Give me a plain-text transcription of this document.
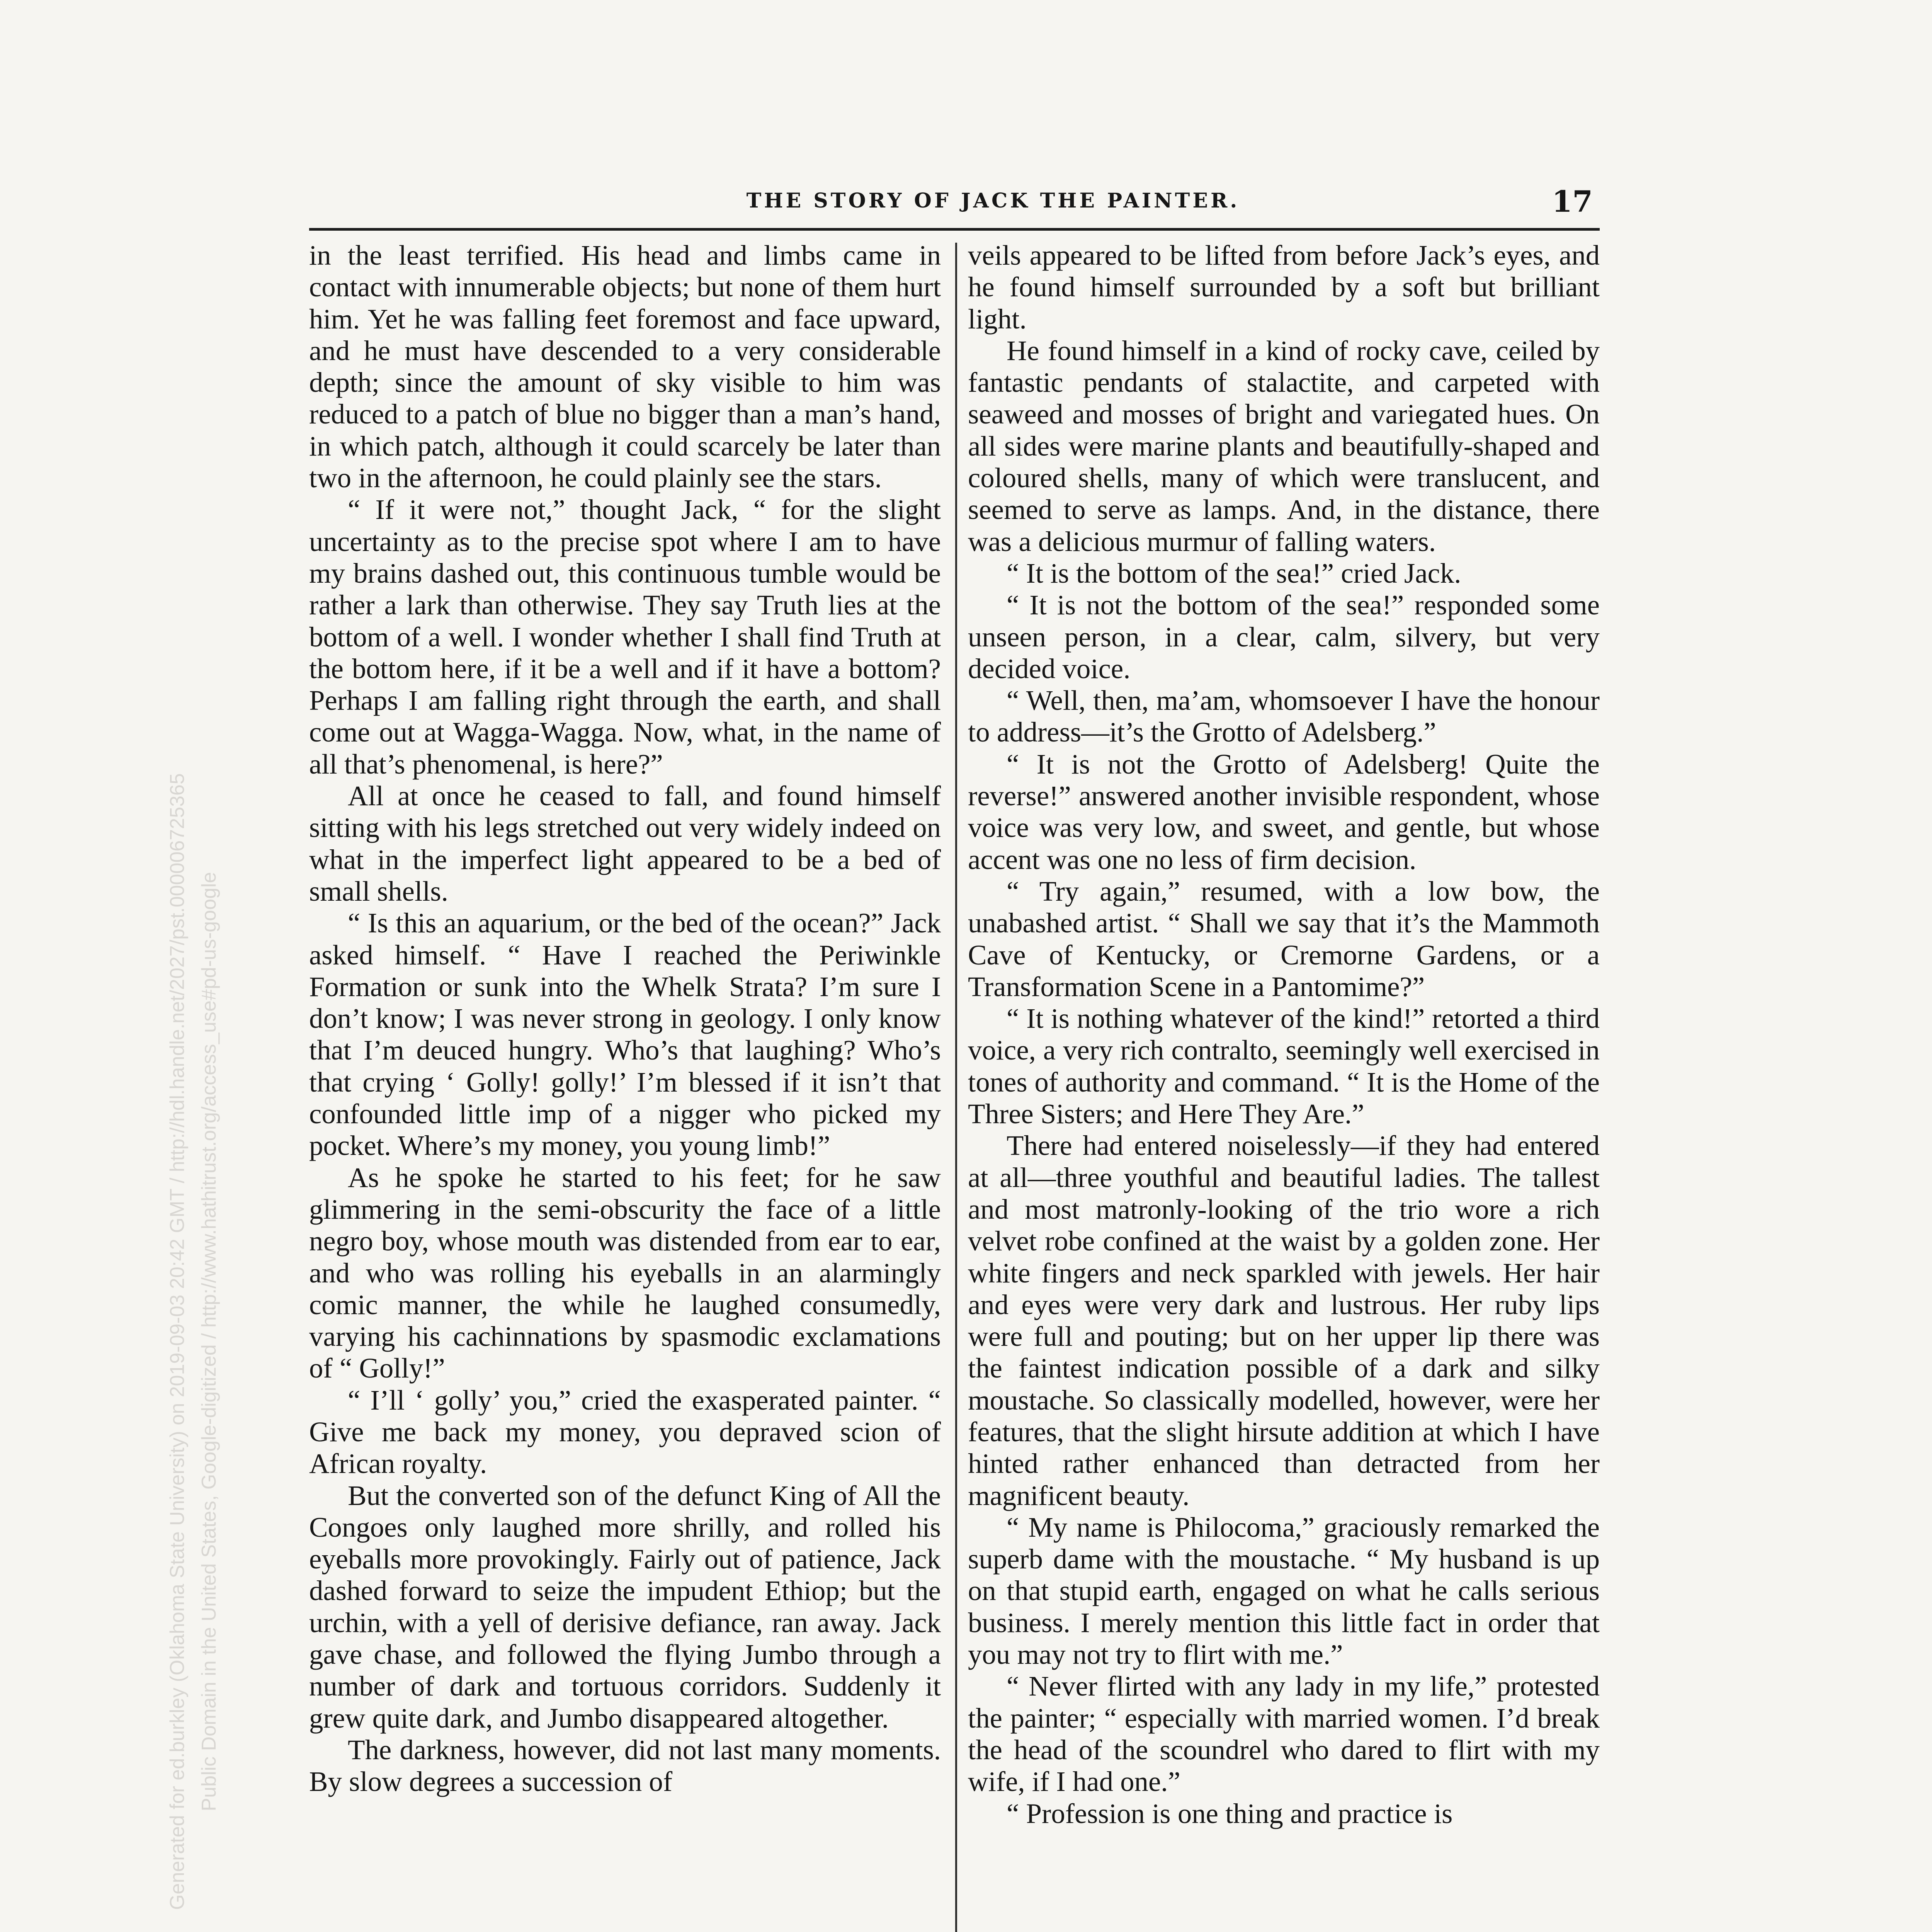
THE STORY OF JACK THE PAINTER.	17

in the least terrified. His head and limbs came in contact with innumerable objects; but none of them hurt him. Yet he was falling feet foremost and face upward, and he must have descended to a very considerable depth; since the amount of sky visible to him was reduced to a patch of blue no bigger than a man’s hand, in which patch, although it could scarcely be later than two in the afternoon, he could plainly see the stars.

“ If it were not,” thought Jack, “ for the slight uncertainty as to the precise spot where I am to have my brains dashed out, this continuous tumble would be rather a lark than otherwise. They say Truth lies at the bottom of a well. I wonder whether I shall find Truth at the bottom here, if it be a well and if it have a bottom? Perhaps I am falling right through the earth, and shall come out at Wagga-Wagga. Now, what, in the name of all that’s phenomenal, is here?”

All at once he ceased to fall, and found himself sitting with his legs stretched out very widely indeed on what in the imperfect light appeared to be a bed of small shells.

“ Is this an aquarium, or the bed of the ocean?” Jack asked himself. “ Have I reached the Periwinkle Formation or sunk into the Whelk Strata? I’m sure I don’t know; I was never strong in geology. I only know that I’m deuced hungry. Who’s that laughing? Who’s that crying ‘ Golly! golly!’ I’m blessed if it isn’t that confounded little imp of a nigger who picked my pocket. Where’s my money, you young limb!”

As he spoke he started to his feet; for he saw glimmering in the semi-obscurity the face of a little negro boy, whose mouth was distended from ear to ear, and who was rolling his eyeballs in an alarmingly comic manner, the while he laughed consumedly, varying his cachinnations by spasmodic exclamations of “ Golly!”

“ I’ll ‘ golly’ you,” cried the exasperated painter. “ Give me back my money, you depraved scion of African royalty.

But the converted son of the defunct King of All the Congoes only laughed more shrilly, and rolled his eyeballs more provokingly. Fairly out of patience, Jack dashed forward to seize the impudent Ethiop; but the urchin, with a yell of derisive defiance, ran away. Jack gave chase, and followed the flying Jumbo through a number of dark and tortuous corridors. Suddenly it grew quite dark, and Jumbo disappeared altogether.

The darkness, however, did not last many moments. By slow degrees a succession of

veils appeared to be lifted from before Jack’s eyes, and he found himself surrounded by a soft but brilliant light.

He found himself in a kind of rocky cave, ceiled by fantastic pendants of stalactite, and carpeted with seaweed and mosses of bright and variegated hues. On all sides were marine plants and beautifully-shaped and coloured shells, many of which were translucent, and seemed to serve as lamps. And, in the distance, there was a delicious murmur of falling waters.

“ It is the bottom of the sea!” cried Jack.

“ It is not the bottom of the sea!” responded some unseen person, in a clear, calm, silvery, but very decided voice.

“ Well, then, ma’am, whomsoever I have the honour to address—it’s the Grotto of Adelsberg.”

“ It is not the Grotto of Adelsberg! Quite the reverse!” answered another invisible respondent, whose voice was very low, and sweet, and gentle, but whose accent was one no less of firm decision.

“ Try again,” resumed, with a low bow, the unabashed artist. “ Shall we say that it’s the Mammoth Cave of Kentucky, or Cremorne Gardens, or a Transformation Scene in a Pantomime?”

“ It is nothing whatever of the kind!” retorted a third voice, a very rich contralto, seemingly well exercised in tones of authority and command. “ It is the Home of the Three Sisters; and Here They Are.”

There had entered noiselessly—if they had entered at all—three youthful and beautiful ladies. The tallest and most matronly-looking of the trio wore a rich velvet robe confined at the waist by a golden zone. Her white fingers and neck sparkled with jewels. Her hair and eyes were very dark and lustrous. Her ruby lips were full and pouting; but on her upper lip there was the faintest indication possible of a dark and silky moustache. So classically modelled, however, were her features, that the slight hirsute addition at which I have hinted rather enhanced than detracted from her magnificent beauty.

“ My name is Philocoma,” graciously remarked the superb dame with the moustache. “ My husband is up on that stupid earth, engaged on what he calls serious business. I merely mention this little fact in order that you may not try to flirt with me.”

“ Never flirted with any lady in my life,” protested the painter; “ especially with married women. I’d break the head of the scoundrel who dared to flirt with my wife, if I had one.”

“ Profession is one thing and practice is

Generated for ed.burkley (Oklahoma State University) on 2019-09-03 20:42 GMT / http://hdl.handle.net/2027/pst.000006725365 Public Domain in the United States, Google-digitized / http://www.hathitrust.org/access_use#pd-us-google
